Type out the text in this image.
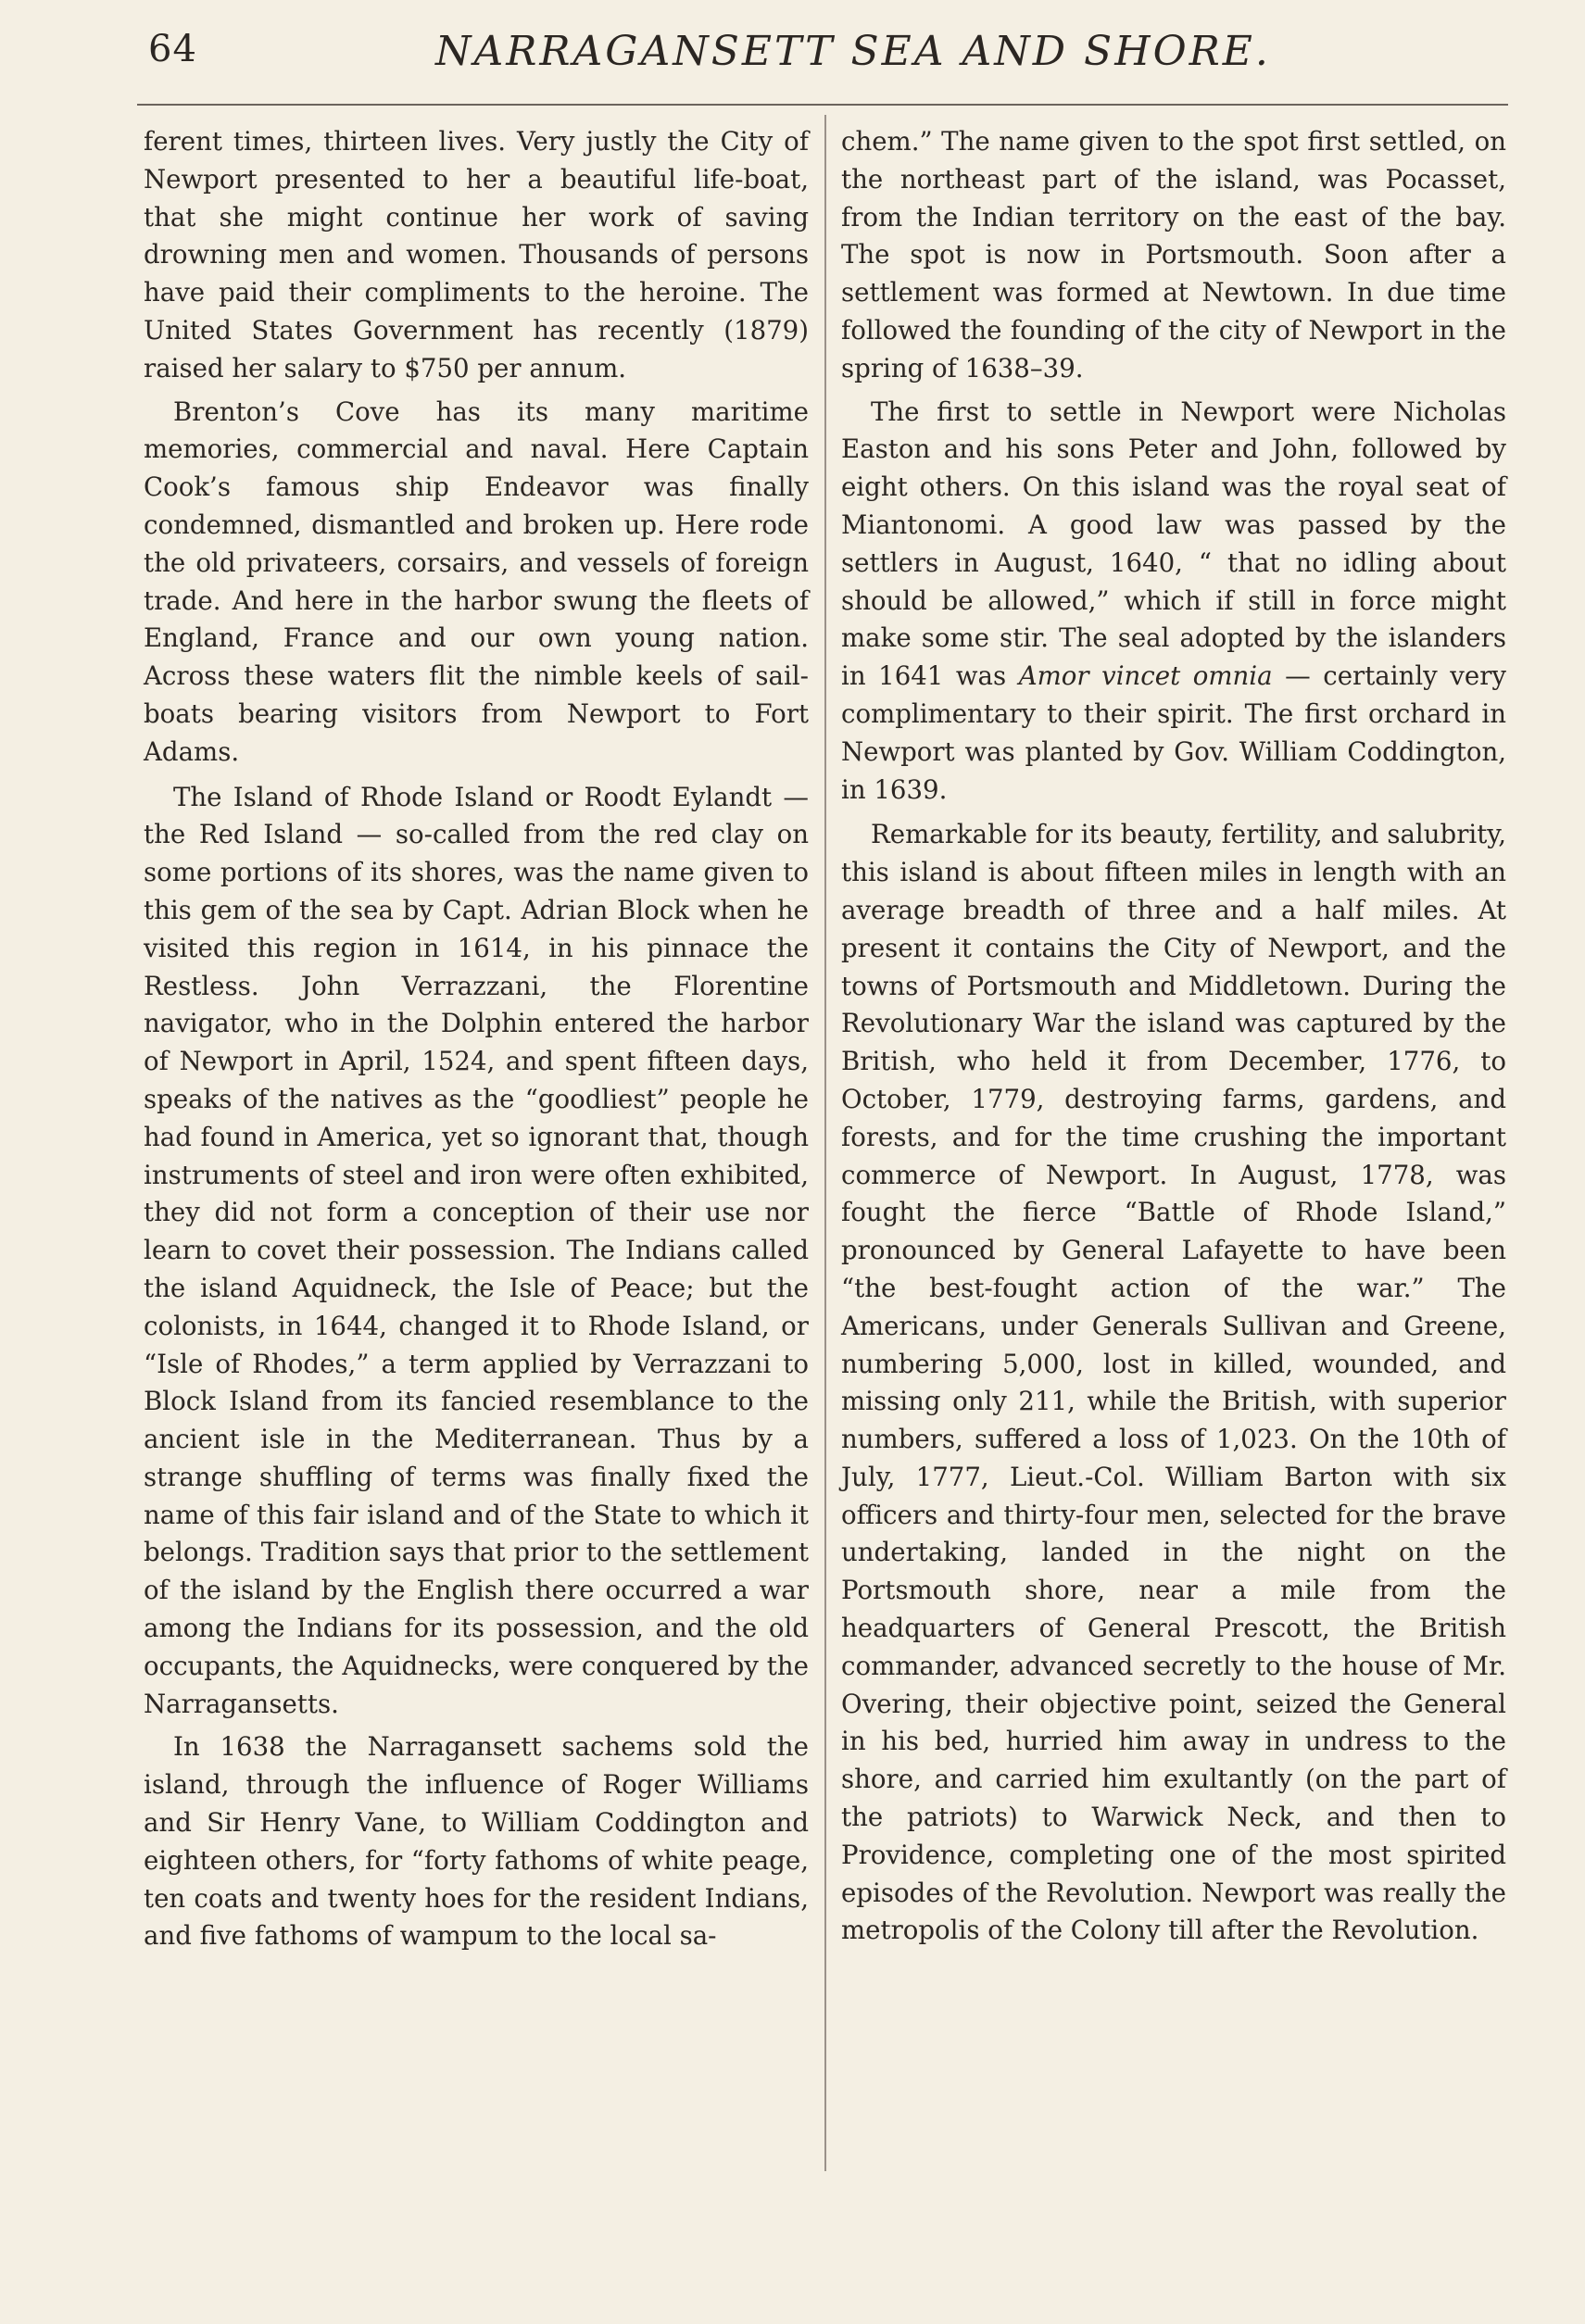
64	NARRAGANSETT SEA AND SHORE.

ferent times, thirteen lives. Very justly the City of Newport presented to her a beautiful life-boat, that she might continue her work of saving drowning men and women. Thousands of persons have paid their compliments to the heroine. The United States Government has recently (1879) raised her salary to $750 per annum.

Brenton’s Cove has its many maritime memories, commercial and naval. Here Captain Cook’s famous ship Endeavor was finally condemned, dismantled and broken up. Here rode the old privateers, corsairs, and vessels of foreign trade. And here in the harbor swung the fleets of England, France and our own young nation. Across these waters flit the nimble keels of sail-boats bearing visitors from Newport to Fort Adams.

The Island of Rhode Island or Roodt Eylandt — the Red Island — so-called from the red clay on some portions of its shores, was the name given to this gem of the sea by Capt. Adrian Block when he visited this region in 1614, in his pinnace the Restless. John Verrazzani, the Florentine navigator, who in the Dolphin entered the harbor of Newport in April, 1524, and spent fifteen days, speaks of the natives as the “goodliest” people he had found in America, yet so ignorant that, though instruments of steel and iron were often exhibited, they did not form a conception of their use nor learn to covet their possession. The Indians called the island Aquidneck, the Isle of Peace; but the colonists, in 1644, changed it to Rhode Island, or “Isle of Rhodes,” a term applied by Verrazzani to Block Island from its fancied resemblance to the ancient isle in the Mediterranean. Thus by a strange shuffling of terms was finally fixed the name of this fair island and of the State to which it belongs. Tradition says that prior to the settlement of the island by the English there occurred a war among the Indians for its possession, and the old occupants, the Aquidnecks, were conquered by the Narragansetts.

In 1638 the Narragansett sachems sold the island, through the influence of Roger Williams and Sir Henry Vane, to William Coddington and eighteen others, for “forty fathoms of white peage, ten coats and twenty hoes for the resident Indians, and five fathoms of wampum to the local sa-

chem.” The name given to the spot first settled, on the northeast part of the island, was Pocasset, from the Indian territory on the east of the bay. The spot is now in Portsmouth. Soon after a settlement was formed at Newtown. In due time followed the founding of the city of Newport in the spring of 1638–39.

The first to settle in Newport were Nicholas Easton and his sons Peter and John, followed by eight others. On this island was the royal seat of Miantonomi. A good law was passed by the settlers in August, 1640, “ that no idling about should be allowed,” which if still in force might make some stir. The seal adopted by the islanders in 1641 was Amor vincet omnia — certainly very complimentary to their spirit. The first orchard in Newport was planted by Gov. William Coddington, in 1639.

Remarkable for its beauty, fertility, and salubrity, this island is about fifteen miles in length with an average breadth of three and a half miles. At present it contains the City of Newport, and the towns of Portsmouth and Middletown. During the Revolutionary War the island was captured by the British, who held it from December, 1776, to October, 1779, destroying farms, gardens, and forests, and for the time crushing the important commerce of Newport. In August, 1778, was fought the fierce “Battle of Rhode Island,” pronounced by General Lafayette to have been “the best-fought action of the war.” The Americans, under Generals Sullivan and Greene, numbering 5,000, lost in killed, wounded, and missing only 211, while the British, with superior numbers, suffered a loss of 1,023. On the 10th of July, 1777, Lieut.-Col. William Barton with six officers and thirty-four men, selected for the brave undertaking, landed in the night on the Portsmouth shore, near a mile from the headquarters of General Prescott, the British commander, advanced secretly to the house of Mr. Overing, their objective point, seized the General in his bed, hurried him away in undress to the shore, and carried him exultantly (on the part of the patriots) to Warwick Neck, and then to Providence, completing one of the most spirited episodes of the Revolution. Newport was really the metropolis of the Colony till after the Revolution.
